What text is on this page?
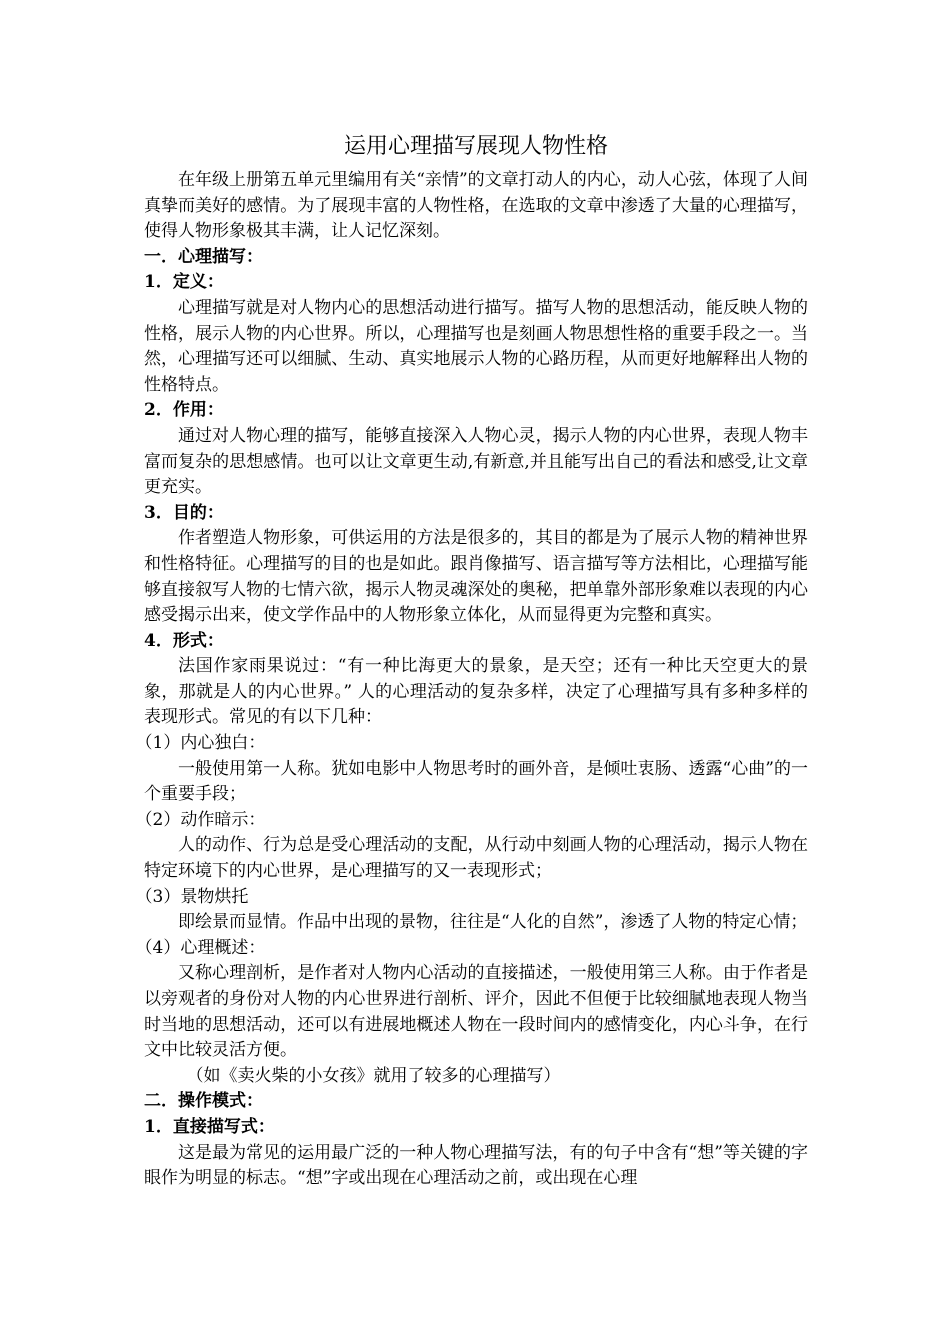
运用心理描写展现人物性格

在年级上册第五单元里编用有关“亲情”的文章打动人的内心，动人心弦，体现了人间真挚而美好的感情。为了展现丰富的人物性格，在选取的文章中渗透了大量的心理描写，使得人物形象极其丰满，让人记忆深刻。

一．心理描写：

1．定义：

心理描写就是对人物内心的思想活动进行描写。描写人物的思想活动，能反映人物的性格，展示人物的内心世界。所以，心理描写也是刻画人物思想性格的重要手段之一。当然，心理描写还可以细腻、生动、真实地展示人物的心路历程，从而更好地解释出人物的性格特点。

2．作用：

通过对人物心理的描写，能够直接深入人物心灵，揭示人物的内心世界，表现人物丰富而复杂的思想感情。也可以让文章更生动,有新意,并且能写出自己的看法和感受,让文章更充实。

3．目的：

作者塑造人物形象，可供运用的方法是很多的，其目的都是为了展示人物的精神世界和性格特征。心理描写的目的也是如此。跟肖像描写、语言描写等方法相比，心理描写能够直接叙写人物的七情六欲，揭示人物灵魂深处的奥秘，把单靠外部形象难以表现的内心感受揭示出来，使文学作品中的人物形象立体化，从而显得更为完整和真实。

4．形式：

法国作家雨果说过：“有一种比海更大的景象，是天空；还有一种比天空更大的景象，那就是人的内心世界。” 人的心理活动的复杂多样，决定了心理描写具有多种多样的表现形式。常见的有以下几种：

（1）内心独白：

一般使用第一人称。犹如电影中人物思考时的画外音，是倾吐衷肠、透露“心曲”的一个重要手段；

（2）动作暗示：

人的动作、行为总是受心理活动的支配，从行动中刻画人物的心理活动，揭示人物在特定环境下的内心世界，是心理描写的又一表现形式；

（3）景物烘托

即绘景而显情。作品中出现的景物，往往是“人化的自然”，渗透了人物的特定心情；

（4）心理概述：

又称心理剖析，是作者对人物内心活动的直接描述，一般使用第三人称。由于作者是以旁观者的身份对人物的内心世界进行剖析、评介，因此不但便于比较细腻地表现人物当时当地的思想活动，还可以有进展地概述人物在一段时间内的感情变化，内心斗争，在行文中比较灵活方便。

（如《卖火柴的小女孩》就用了较多的心理描写）

二．操作模式：

1．直接描写式：

这是最为常见的运用最广泛的一种人物心理描写法，有的句子中含有“想”等关键的字眼作为明显的标志。“想”字或出现在心理活动之前，或出现在心理
